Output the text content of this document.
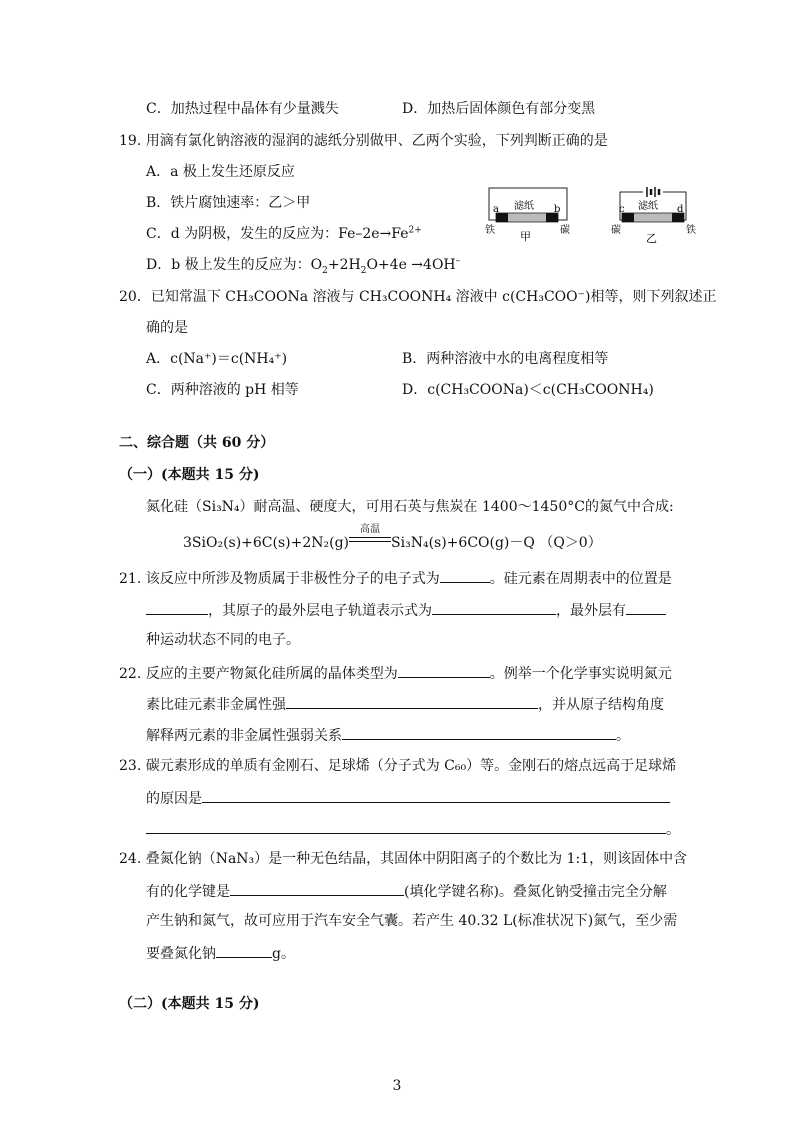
C．加热过程中晶体有少量溅失	D．加热后固体颜色有部分变黑
19. 用滴有氯化钠溶液的湿润的滤纸分别做甲、乙两个实验，下列判断正确的是
A．a 极上发生还原反应
B．铁片腐蚀速率：乙＞甲
C．d 为阴极，发生的反应为：$Fe-2e\to Fe^{2+}$
D．b 极上发生的反应为：$O_2+2H_2O+4e \to 4OH^-$
a	b
滤纸
铁	碳
甲
c	d
滤纸
碳	铁
乙
20．已知常温下 CH₃COONa 溶液与 CH₃COONH₄ 溶液中 c(CH₃COO⁻)相等，则下列叙述正
确的是
A．c(Na⁺)＝c(NH₄⁺)	B．两种溶液中水的电离程度相等
C．两种溶液的 pH 相等	D．c(CH₃COONa)＜c(CH₃COONH₄)
二、综合题（共 60 分）
（一）(本题共 15 分)
氮化硅（Si₃N₄）耐高温、硬度大，可用石英与焦炭在 1400～1450°C的氮气中合成:
3SiO₂(s)+6C(s)+2N₂(g)
高温
Si₃N₄(s)+6CO(g)－Q （Q＞0）
21. 该反应中所涉及物质属于非极性分子的电子式为	。硅元素在周期表中的位置是
，其原子的最外层电子轨道表示式为	，最外层有
种运动状态不同的电子。
22. 反应的主要产物氮化硅所属的晶体类型为	。例举一个化学事实说明氮元
素比硅元素非金属性强	，并从原子结构角度
解释两元素的非金属性强弱关系	。
23. 碳元素形成的单质有金刚石、足球烯（分子式为 C₆₀）等。金刚石的熔点远高于足球烯
的原因是
。
24. 叠氮化钠（NaN₃）是一种无色结晶，其固体中阴阳离子的个数比为 1:1，则该固体中含
有的化学键是	(填化学键名称)。叠氮化钠受撞击完全分解
产生钠和氮气，故可应用于汽车安全气囊。若产生 40.32 L(标准状况下)氮气，至少需
要叠氮化钠	g。
（二）(本题共 15 分)
3
